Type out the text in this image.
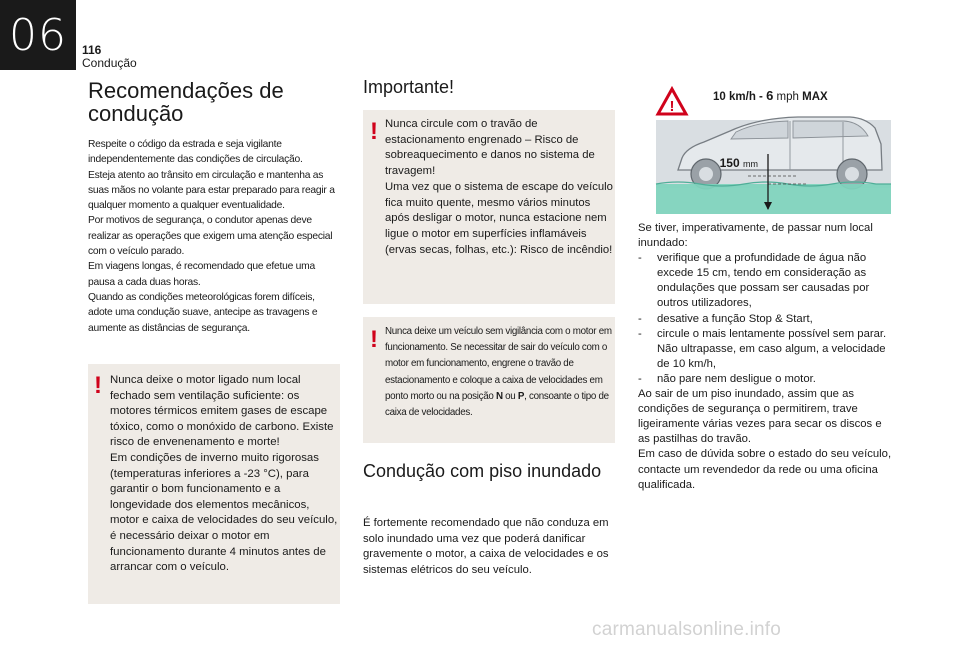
06	116
Condução
Recomendações de condução
Respeite o código da estrada e seja vigilante independentemente das condições de circulação.
Esteja atento ao trânsito em circulação e mantenha as suas mãos no volante para estar preparado para reagir a qualquer momento a qualquer eventualidade.
Por motivos de segurança, o condutor apenas deve realizar as operações que exigem uma atenção especial com o veículo parado.
Em viagens longas, é recomendado que efetue uma pausa a cada duas horas.
Quando as condições meteorológicas forem difíceis, adote uma condução suave, antecipe as travagens e aumente as distâncias de segurança.
! Nunca deixe o motor ligado num local fechado sem ventilação suficiente: os motores térmicos emitem gases de escape tóxico, como o monóxido de carbono. Existe risco de envenenamento e morte!
Em condições de inverno muito rigorosas (temperaturas inferiores a -23 °C), para garantir o bom funcionamento e a longevidade dos elementos mecânicos, motor e caixa de velocidades do seu veículo, é necessário deixar o motor em funcionamento durante 4 minutos antes de arrancar com o veículo.
Importante!
! Nunca circule com o travão de estacionamento engrenado – Risco de sobreaquecimento e danos no sistema de travagem!
Uma vez que o sistema de escape do veículo fica muito quente, mesmo vários minutos após desligar o motor, nunca estacione nem ligue o motor em superfícies inflamáveis (ervas secas, folhas, etc.): Risco de incêndio!
! Nunca deixe um veículo sem vigilância com o motor em funcionamento. Se necessitar de sair do veículo com o motor em funcionamento, engrene o travão de estacionamento e coloque a caixa de velocidades em ponto morto ou na posição N ou P, consoante o tipo de caixa de velocidades.
Condução com piso inundado
É fortemente recomendado que não conduza em solo inundado uma vez que poderá danificar gravemente o motor, a caixa de velocidades e os sistemas elétricos do seu veículo.
!
10 km/h - 6 mph MAX
150 mm

Se tiver, imperativamente, de passar num local inundado:

- verifique que a profundidade de água não excede 15 cm, tendo em consideração as ondulações que possam ser causadas por outros utilizadores,
- desative a função Stop & Start,
- circule o mais lentamente possível sem parar. Não ultrapasse, em caso algum, a velocidade de 10 km/h,
- não pare nem desligue o motor.

Ao sair de um piso inundado, assim que as condições de segurança o permitirem, trave ligeiramente várias vezes para secar os discos e as pastilhas do travão.
Em caso de dúvida sobre o estado do seu veículo, contacte um revendedor da rede ou uma oficina qualificada.

carmanualsonline.info
